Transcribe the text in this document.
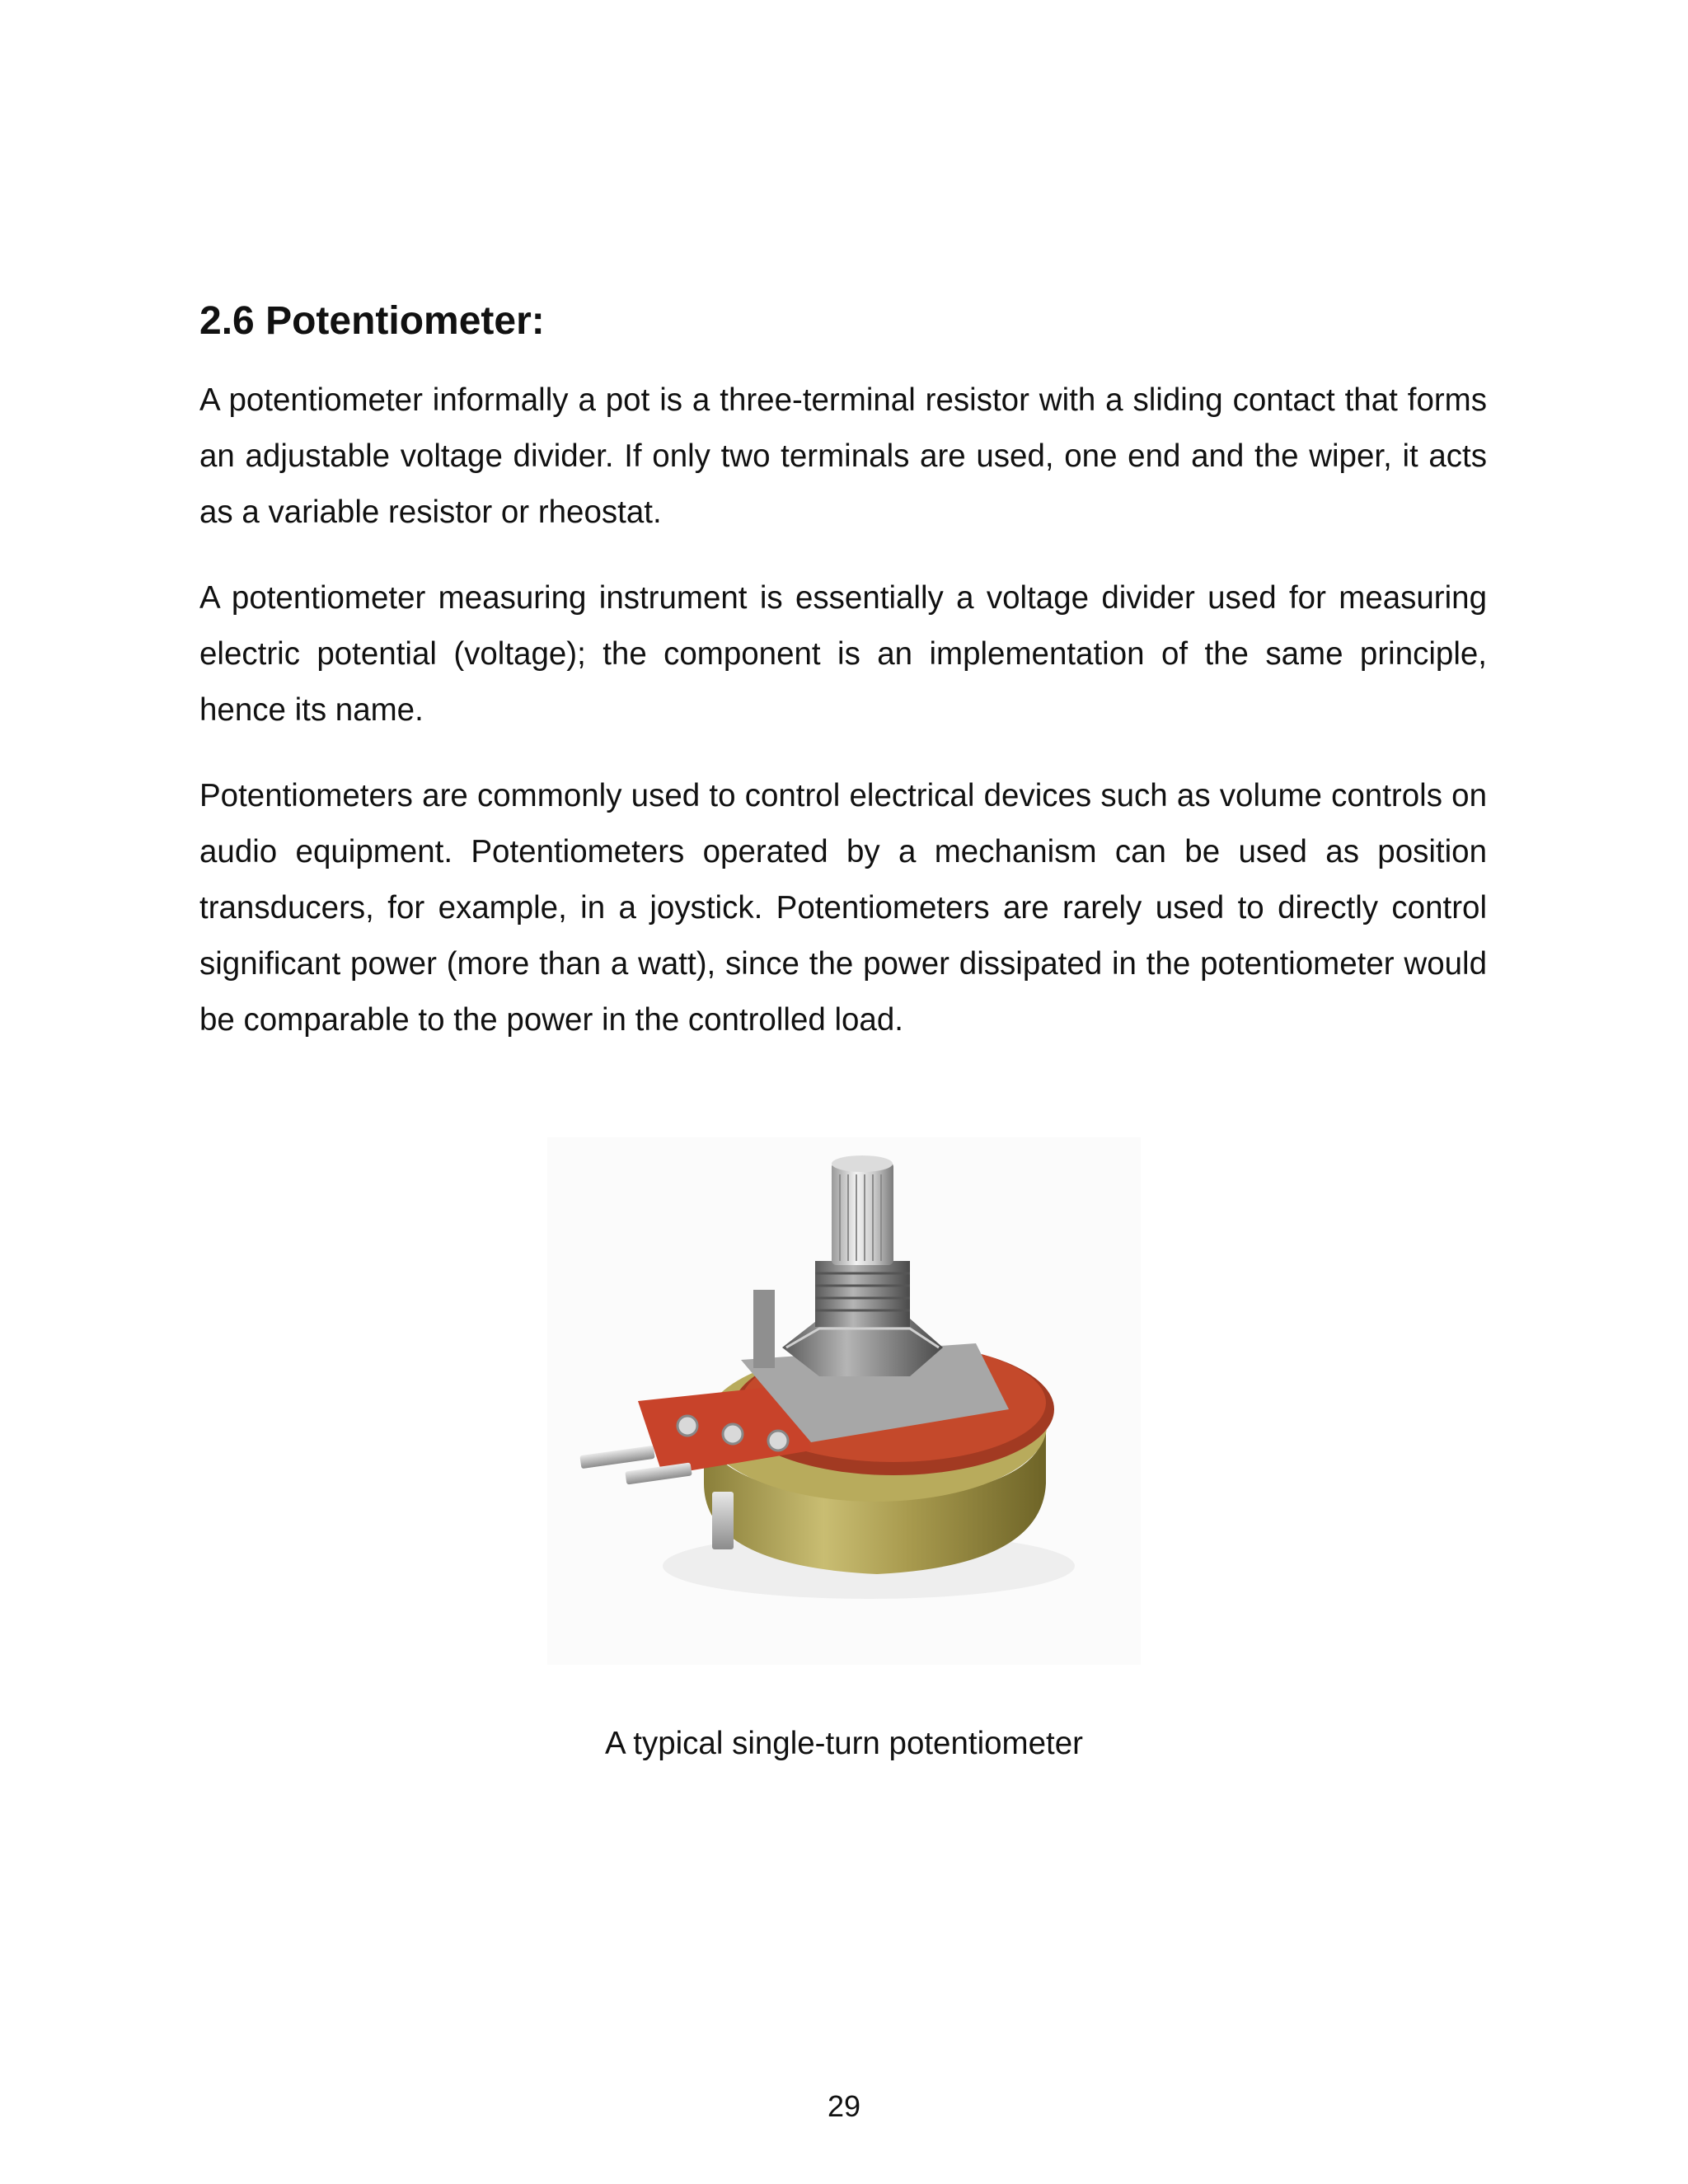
2.6 Potentiometer:

A potentiometer informally a pot is a three-terminal resistor with a sliding contact that forms an adjustable voltage divider. If only two terminals are used, one end and the wiper, it acts as a variable resistor or rheostat.

A potentiometer measuring instrument is essentially a voltage divider used for measuring electric potential (voltage); the component is an implementation of the same principle, hence its name.

Potentiometers are commonly used to control electrical devices such as volume controls on audio equipment. Potentiometers operated by a mechanism can be used as position transducers, for example, in a joystick. Potentiometers are rarely used to directly control significant power (more than a watt), since the power dissipated in the potentiometer would be comparable to the power in the controlled load.

A typical single-turn potentiometer

29
